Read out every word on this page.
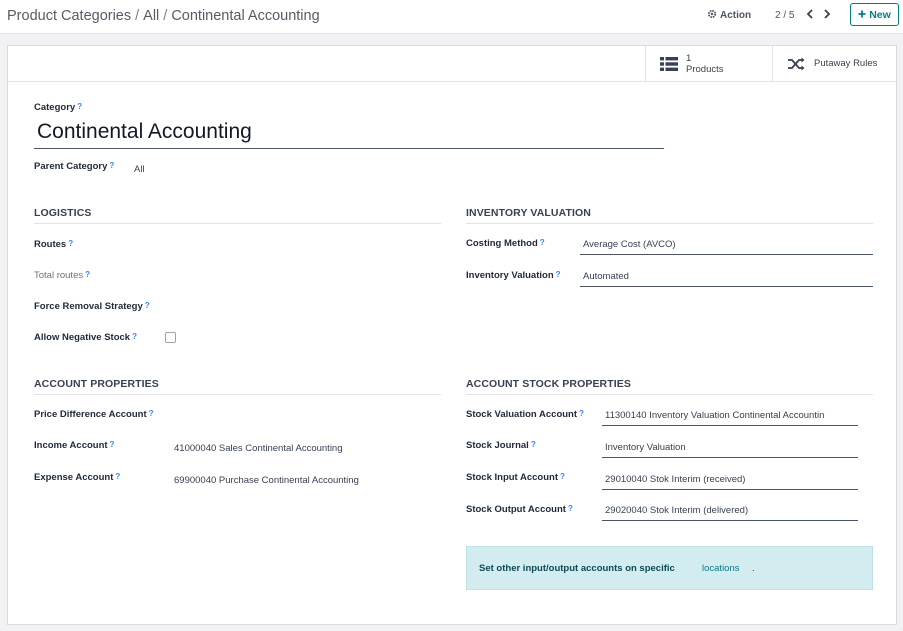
Product Categories / All / Continental Accounting	Action 2 / 5	New
1
Products	Putaway Rules
Category ?
Continental Accounting
Parent Category ? All
LOGISTICS
Routes ?
Total routes ?
Force Removal Strategy ?
Allow Negative Stock ?
INVENTORY VALUATION
Costing Method ?	Average Cost (AVCO)
Inventory Valuation ?	Automated
ACCOUNT PROPERTIES
Price Difference Account ?
Income Account ?	41000040 Sales Continental Accounting
Expense Account ?	69900040 Purchase Continental Accounting
ACCOUNT STOCK PROPERTIES
Stock Valuation Account ?	11300140 Inventory Valuation Continental Accountin
Stock Journal ?	Inventory Valuation
Stock Input Account ?	29010040 Stok Interim (received)
Stock Output Account ?	29020040 Stok Interim (delivered)
Set other input/output accounts on specific	locations .
